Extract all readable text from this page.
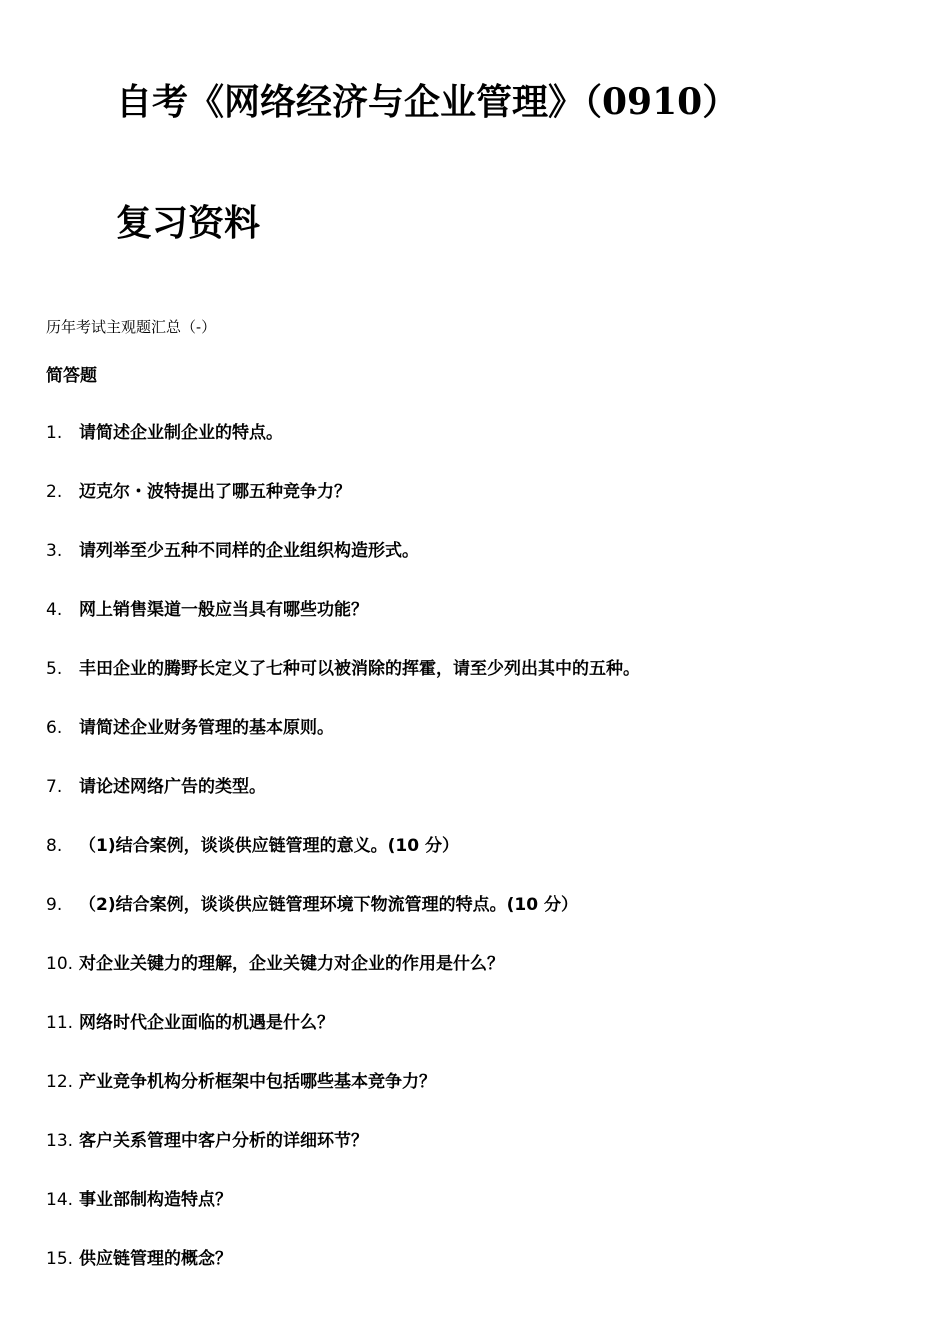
自考《网络经济与企业管理》（0910）
复习资料
历年考试主观题汇总（-）
简答题
1. 请简述企业制企业的特点。
2. 迈克尔・波特提出了哪五种竞争力？
3. 请列举至少五种不同样的企业组织构造形式。
4. 网上销售渠道一般应当具有哪些功能？
5. 丰田企业的腾野长定义了七种可以被消除的挥霍，请至少列出其中的五种。
6. 请简述企业财务管理的基本原则。
7. 请论述网络广告的类型。
8. （1)结合案例，谈谈供应链管理的意义。(10 分）
9. （2)结合案例，谈谈供应链管理环境下物流管理的特点。(10 分）
10. 对企业关键力的理解，企业关键力对企业的作用是什么？
11. 网络时代企业面临的机遇是什么？
12. 产业竞争机构分析框架中包括哪些基本竞争力？
13. 客户关系管理中客户分析的详细环节？
14. 事业部制构造特点？
15. 供应链管理的概念？
